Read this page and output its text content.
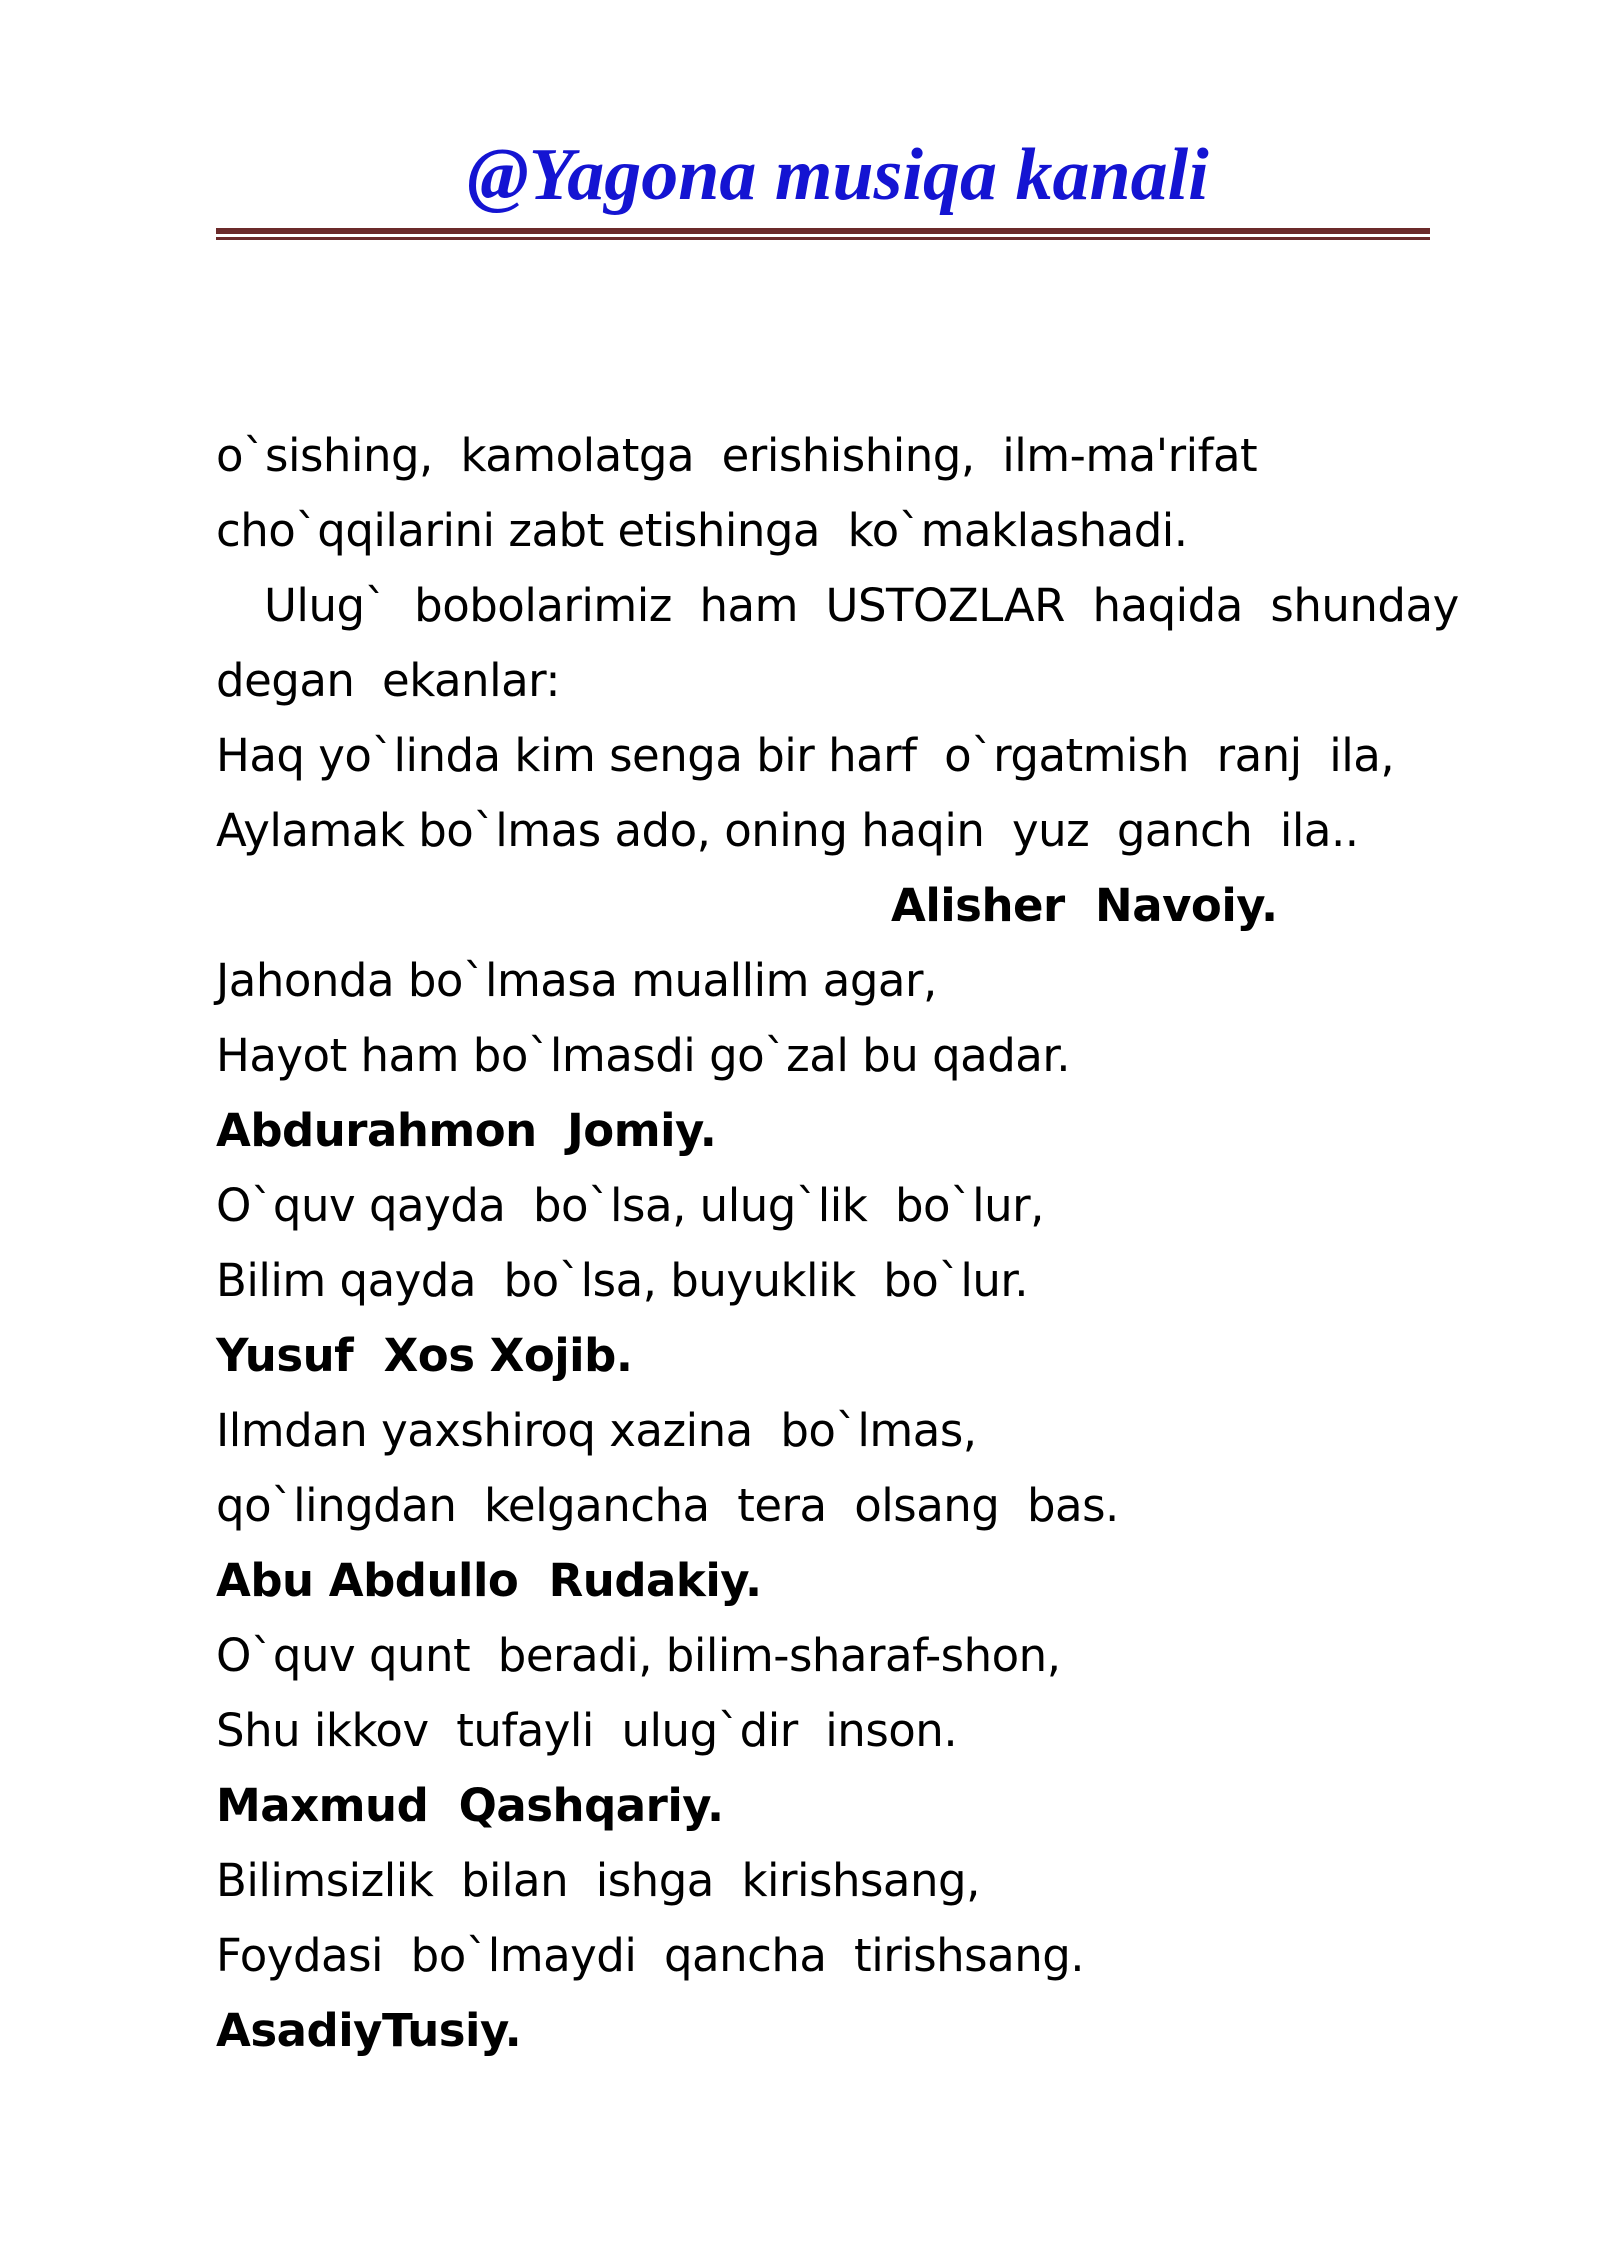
@Yagona musiqa kanali
o`sishing,  kamolatga  erishishing,  ilm-ma'rifat
cho`qqilarini zabt etishinga  ko`maklashadi.
Ulug`  bobolarimiz  ham  USTOZLAR  haqida  shunday
degan  ekanlar:
Haq yo`linda kim senga bir harf  o`rgatmish  ranj  ila,
Aylamak bo`lmas ado, oning haqin  yuz  ganch  ila..
Alisher  Navoiy.
Jahonda bo`lmasa muallim agar,
Hayot ham bo`lmasdi go`zal bu qadar.
Abdurahmon  Jomiy.
O`quv qayda  bo`lsa, ulug`lik  bo`lur,
Bilim qayda  bo`lsa, buyuklik  bo`lur.
Yusuf  Xos Xojib.
Ilmdan yaxshiroq xazina  bo`lmas,
qo`lingdan  kelgancha  tera  olsang  bas.
Abu Abdullo  Rudakiy.
O`quv qunt  beradi, bilim-sharaf-shon,
Shu ikkov  tufayli  ulug`dir  inson.
Maxmud  Qashqariy.
Bilimsizlik  bilan  ishga  kirishsang,
Foydasi  bo`lmaydi  qancha  tirishsang.
AsadiyTusiy.
